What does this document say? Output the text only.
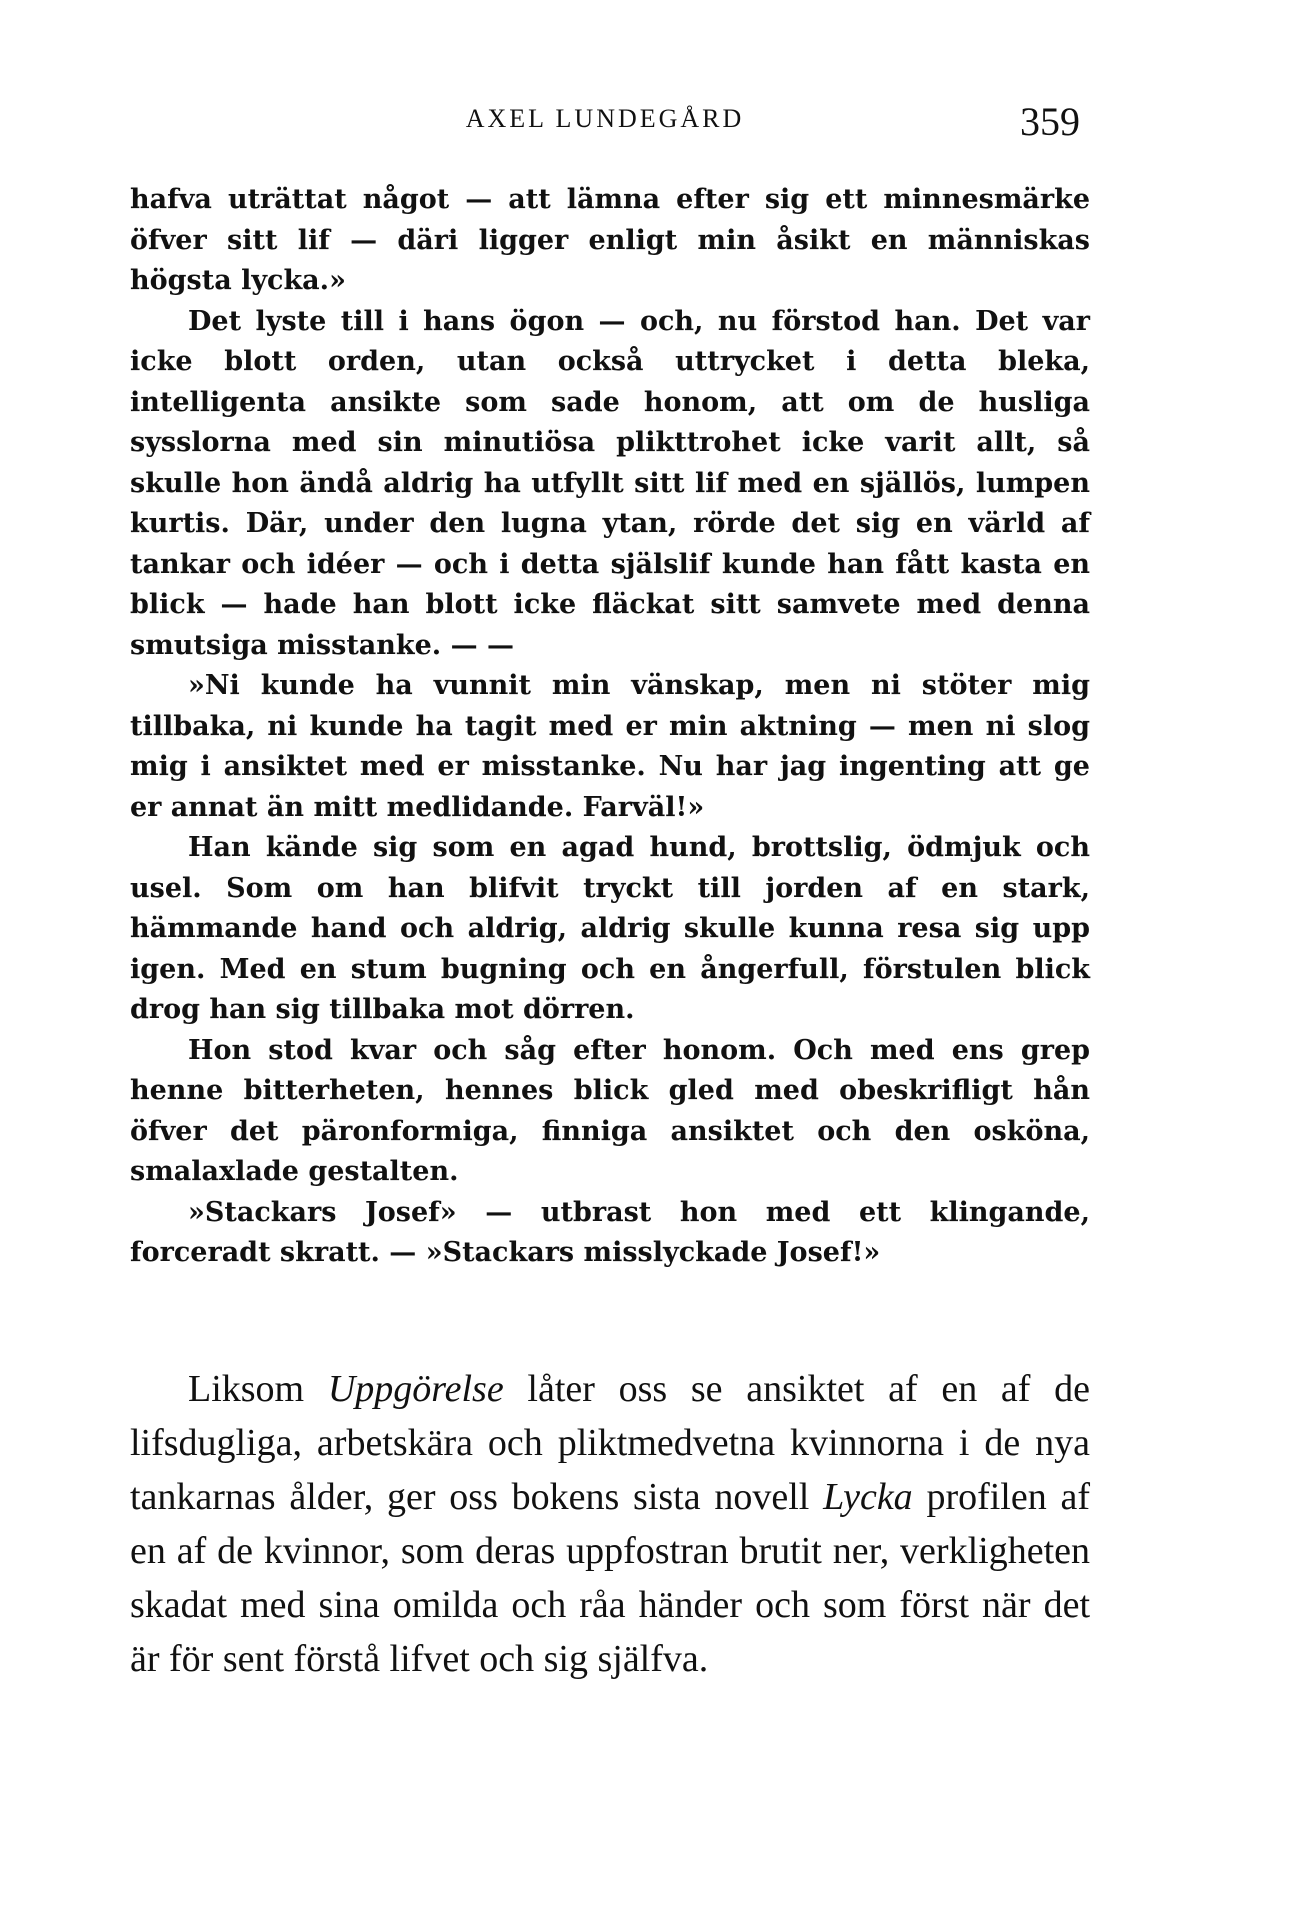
AXEL LUNDEGÅRD	359

hafva uträttat något — att lämna efter sig ett minnesmärke öfver sitt lif — däri ligger enligt min åsikt en människas högsta lycka.»

Det lyste till i hans ögon — och, nu förstod han. Det var icke blott orden, utan också uttrycket i detta bleka, intelligenta ansikte som sade honom, att om de husliga sysslorna med sin minutiösa plikttrohet icke varit allt, så skulle hon ändå aldrig ha utfyllt sitt lif med en själlös, lumpen kurtis. Där, under den lugna ytan, rörde det sig en värld af tankar och idéer — och i detta själslif kunde han fått kasta en blick — hade han blott icke fläckat sitt samvete med denna smutsiga misstanke. — —

»Ni kunde ha vunnit min vänskap, men ni stöter mig tillbaka, ni kunde ha tagit med er min aktning — men ni slog mig i ansiktet med er misstanke. Nu har jag ingenting att ge er annat än mitt medlidande. Farväl!»

Han kände sig som en agad hund, brottslig, ödmjuk och usel. Som om han blifvit tryckt till jorden af en stark, hämmande hand och aldrig, aldrig skulle kunna resa sig upp igen. Med en stum bugning och en ångerfull, förstulen blick drog han sig tillbaka mot dörren.

Hon stod kvar och såg efter honom. Och med ens grep henne bitterheten, hennes blick gled med obeskrifligt hån öfver det päronformiga, finniga ansiktet och den osköna, smalaxlade gestalten.

»Stackars Josef» — utbrast hon med ett klingande, forceradt skratt. — »Stackars misslyckade Josef!»

Liksom Uppgörelse låter oss se ansiktet af en af de lifsdugliga, arbetskära och pliktmedvetna kvinnorna i de nya tankarnas ålder, ger oss bokens sista novell Lycka profilen af en af de kvinnor, som deras uppfostran brutit ner, verkligheten skadat med sina omilda och råa händer och som först när det är för sent förstå lifvet och sig själfva.
